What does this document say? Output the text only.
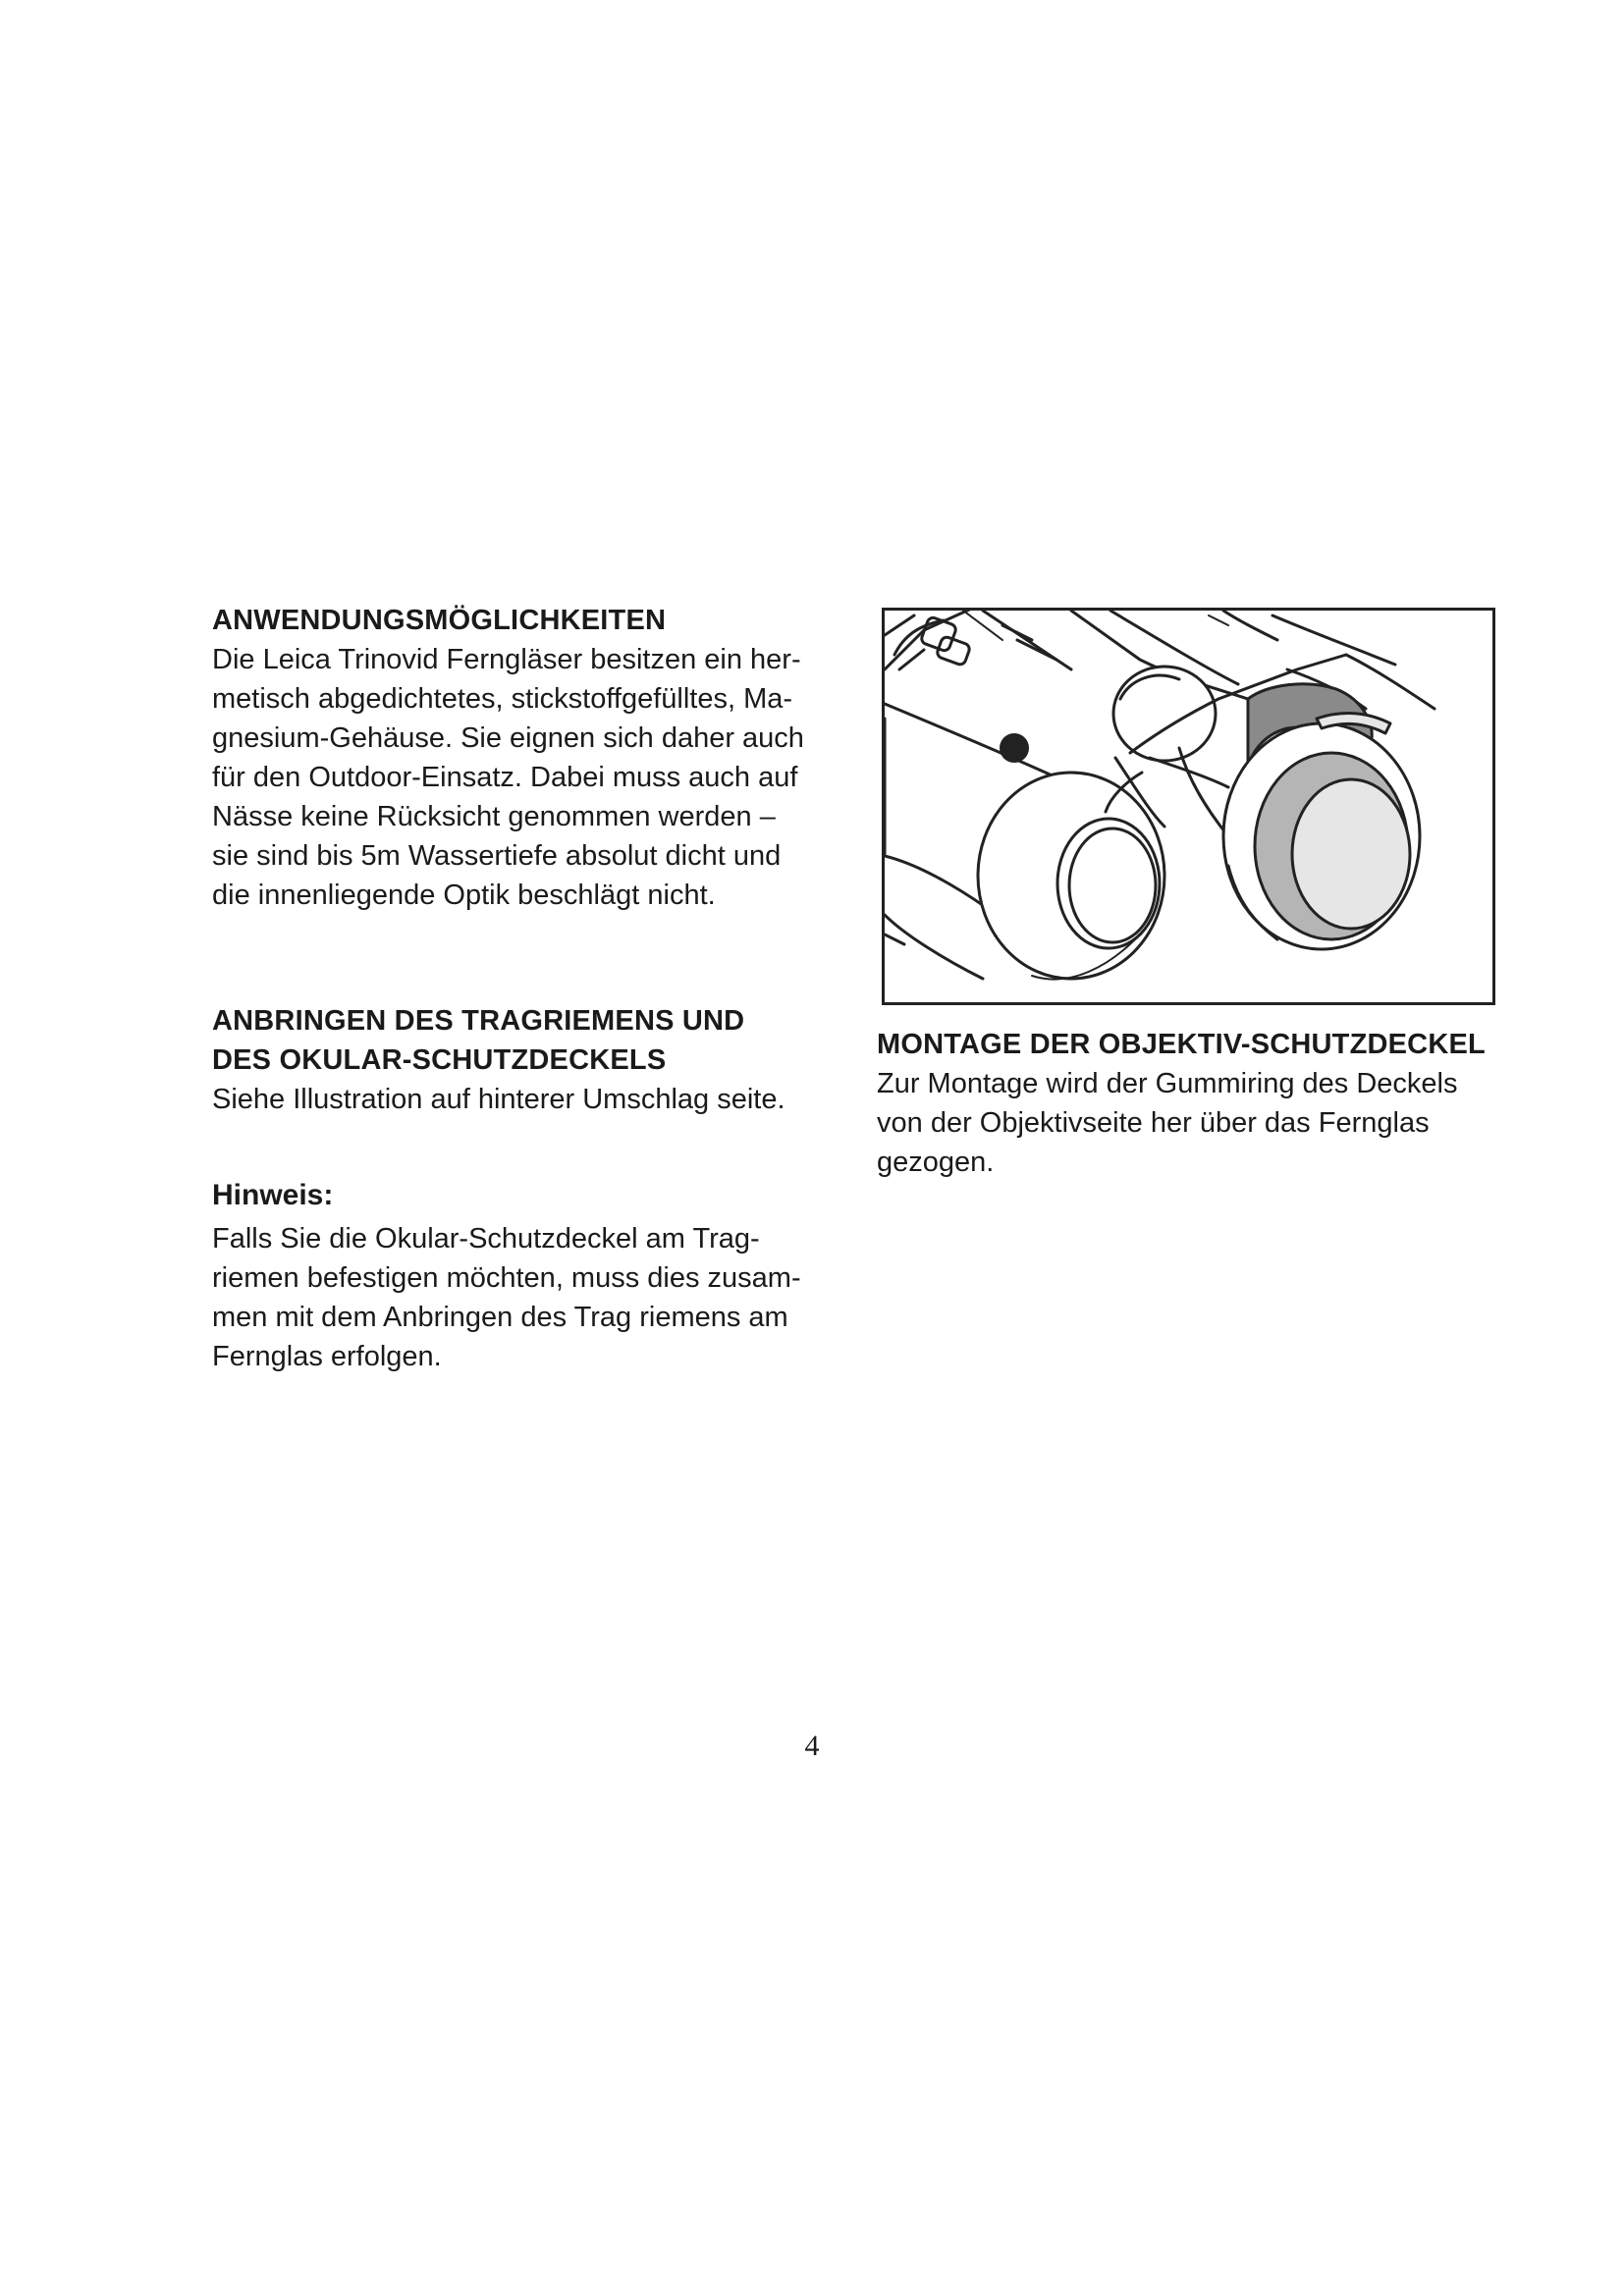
ANWENDUNGSMÖGLICHKEITEN

Die Leica Trinovid Ferngläser besitzen ein her-

metisch abgedichtetes, stickstoffgefülltes, Ma-

gnesium-Gehäuse. Sie eignen sich daher auch

für den Outdoor-Einsatz. Dabei muss auch auf

Nässe keine Rücksicht genommen werden –

sie sind bis 5m Wassertiefe absolut dicht und

die innenliegende Optik beschlägt nicht.

ANBRINGEN DES TRAGRIEMENS UND
DES OKULAR-SCHUTZDECKELS

Siehe Illustration auf hinterer Umschlag seite.

Hinweis:

Falls Sie die Okular-Schutzdeckel am Trag-

riemen befestigen möchten, muss dies zusam-

men mit dem Anbringen des Trag riemens am

Fernglas erfolgen.

MONTAGE DER OBJEKTIV-SCHUTZDECKEL

Zur Montage wird der Gummiring des Deckels

von der Objektivseite her über das Fernglas

gezogen.

4
